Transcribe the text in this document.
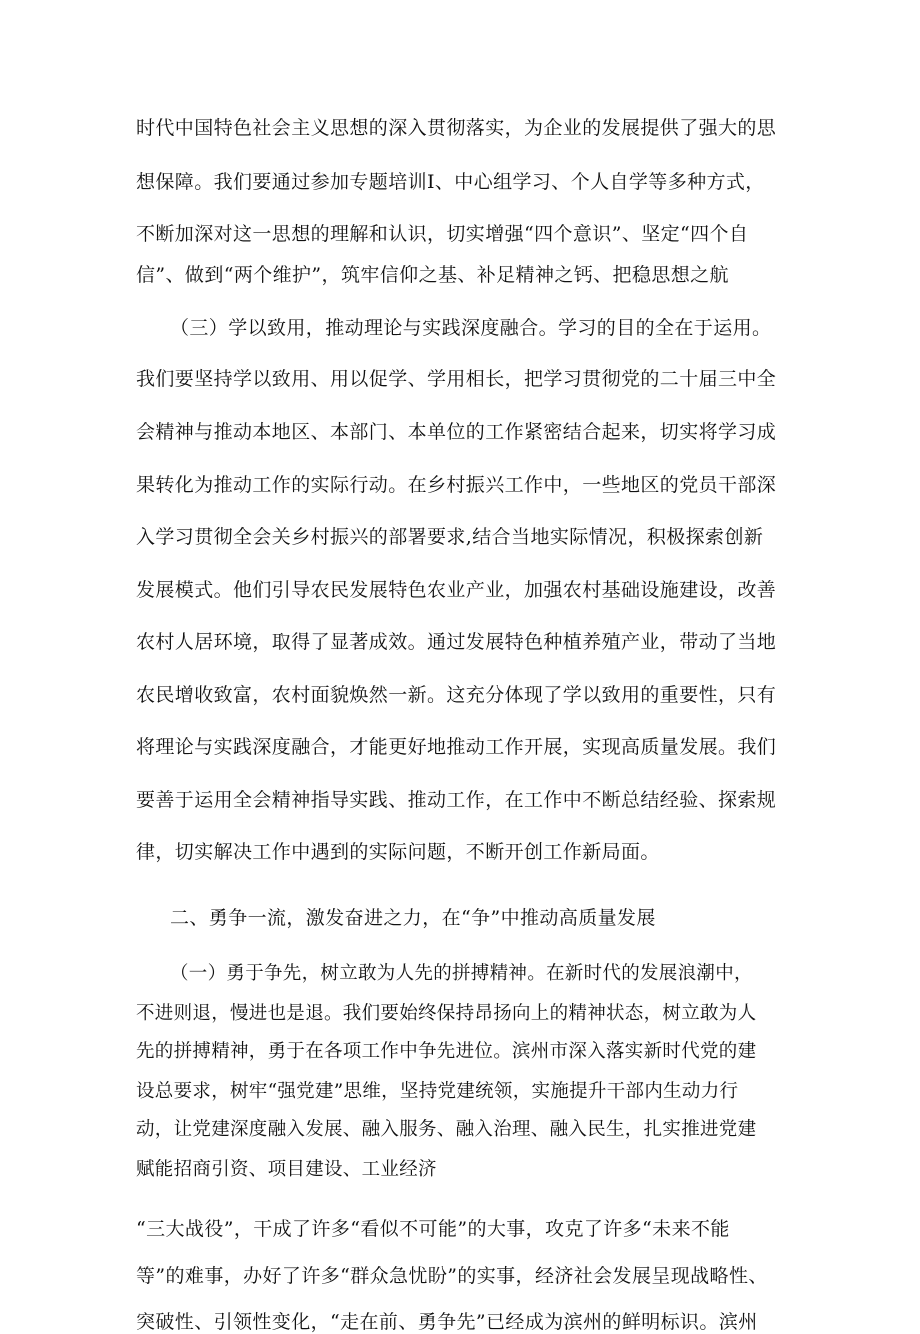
时代中国特色社会主义思想的深入贯彻落实，为企业的发展提供了强大的思
想保障。我们要通过参加专题培训I、中心组学习、个人自学等多种方式，
不断加深对这一思想的理解和认识，切实增强“四个意识”、坚定“四个自
信”、做到“两个维护”，筑牢信仰之基、补足精神之钙、把稳思想之航
（三）学以致用，推动理论与实践深度融合。学习的目的全在于运用。
我们要坚持学以致用、用以促学、学用相长，把学习贯彻党的二十届三中全
会精神与推动本地区、本部门、本单位的工作紧密结合起来，切实将学习成
果转化为推动工作的实际行动。在乡村振兴工作中，一些地区的党员干部深
入学习贯彻全会关乡村振兴的部署要求,结合当地实际情况，积极探索创新
发展模式。他们引导农民发展特色农业产业，加强农村基础设施建设，改善
农村人居环境，取得了显著成效。通过发展特色种植养殖产业，带动了当地
农民增收致富，农村面貌焕然一新。这充分体现了学以致用的重要性，只有
将理论与实践深度融合，才能更好地推动工作开展，实现高质量发展。我们
要善于运用全会精神指导实践、推动工作，在工作中不断总结经验、探索规
律，切实解决工作中遇到的实际问题，不断开创工作新局面。
二、勇争一流，激发奋进之力，在“争”中推动高质量发展
（一）勇于争先，树立敢为人先的拼搏精神。在新时代的发展浪潮中，
不进则退，慢进也是退。我们要始终保持昂扬向上的精神状态，树立敢为人
先的拼搏精神，勇于在各项工作中争先进位。滨州市深入落实新时代党的建
设总要求，树牢“强党建”思维，坚持党建统领，实施提升干部内生动力行
动，让党建深度融入发展、融入服务、融入治理、融入民生，扎实推进党建
赋能招商引资、项目建设、工业经济
“三大战役”，干成了许多“看似不可能”的大事，攻克了许多“未来不能
等”的难事，办好了许多“群众急忧盼”的实事，经济社会发展呈现战略性、
突破性、引领性变化，“走在前、勇争先”已经成为滨州的鲜明标识。滨州
